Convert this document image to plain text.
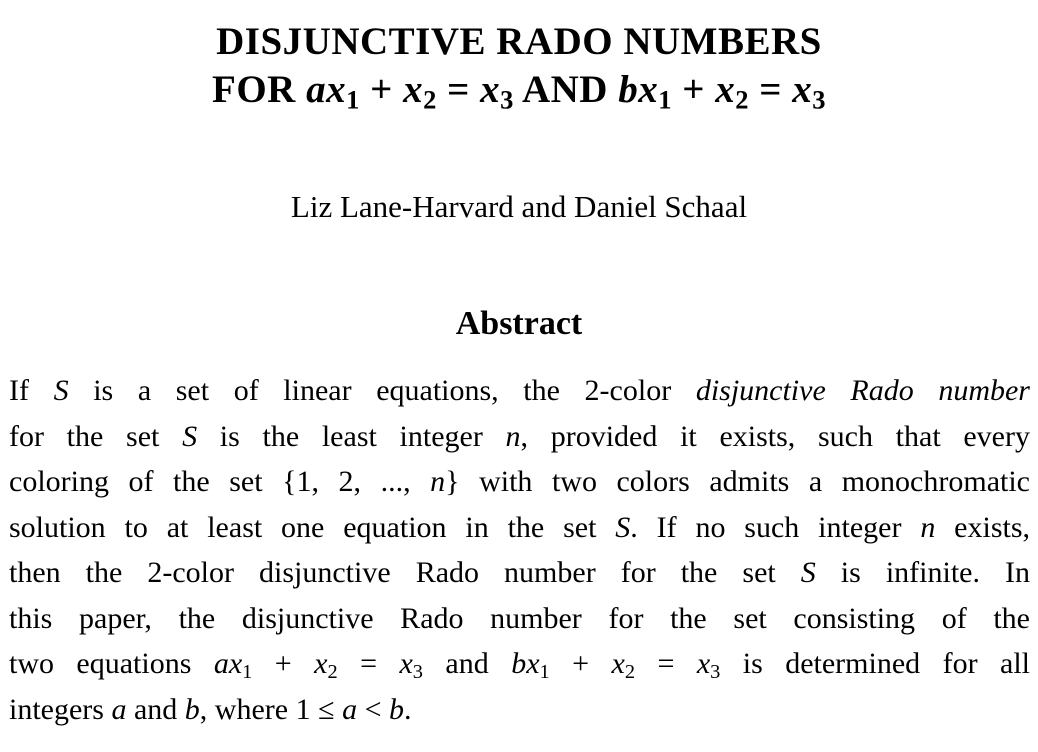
DISJUNCTIVE RADO NUMBERS
FOR $ax_1 + x_2 = x_3$ AND $bx_1 + x_2 = x_3$
Liz Lane-Harvard and Daniel Schaal
Abstract
If S is a set of linear equations, the 2-color disjunctive Rado number
for the set S is the least integer n, provided it exists, such that every
coloring of the set {1, 2, ..., n} with two colors admits a monochromatic
solution to at least one equation in the set S. If no such integer n exists,
then the 2-color disjunctive Rado number for the set S is infinite. In
this paper, the disjunctive Rado number for the set consisting of the
two equations $ax_1 + x_2 = x_3$ and $bx_1 + x_2 = x_3$ is determined for all
integers a and b, where 1 ≤ a < b.
